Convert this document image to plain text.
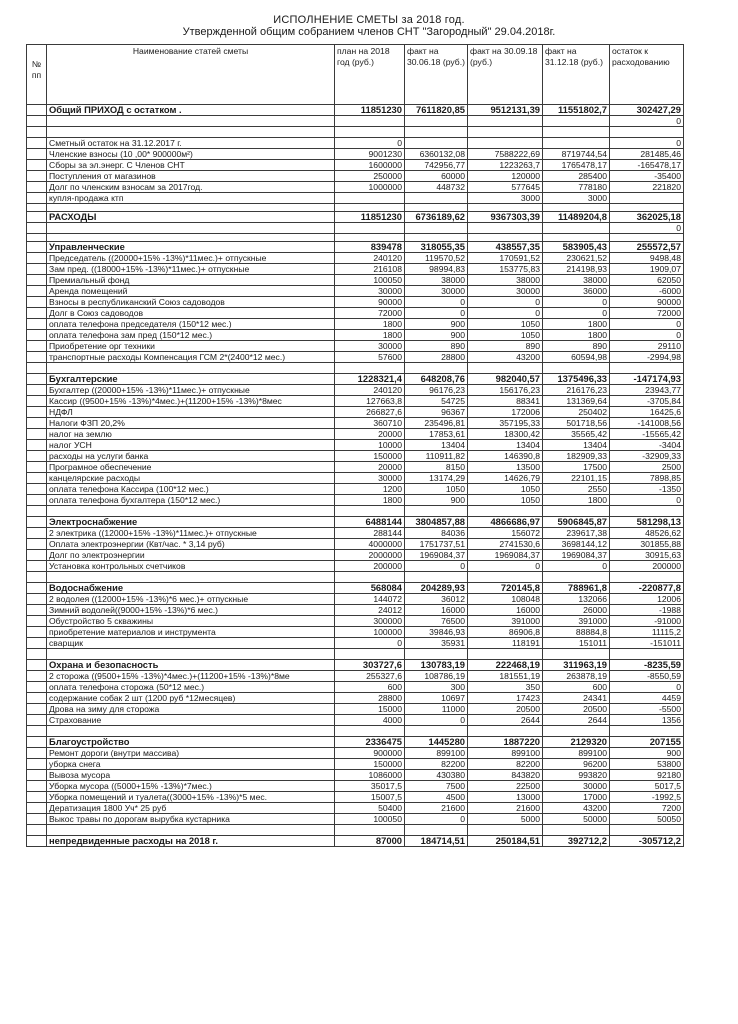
ИСПОЛНЕНИЕ СМЕТЫ за 2018 год.
Утвержденной общим собранием членов СНТ "Загородный" 29.04.2018г.
№ пп	Наименование статей сметы	план на 2018 год (руб.)	факт на 30.06.18 (руб.)	факт на 30.09.18 (руб.)	факт на 31.12.18 (руб.)	остаток к расходованию
	Общий ПРИХОД с остатком .	11851230	7611820,85	9512131,39	11551802,7	302427,29
						0

	Сметный остаток на 31.12.2017 г.	0				0
	Членские взносы (10 ,00* 900000м²)	9001230	6360132,08	7588222,69	8719744,54	281485,46
	Сборы за эл.энерг. С Членов СНТ	1600000	742956,77	1223263,7	1765478,17	-165478,17
	Поступления от магазинов	250000	60000	120000	285400	-35400
	Долг по членским взносам за 2017год.	1000000	448732	577645	778180	221820
	купля-продажа ктп			3000	3000	

	РАСХОДЫ	11851230	6736189,62	9367303,39	11489204,8	362025,18
						0

	Управленческие	839478	318055,35	438557,35	583905,43	255572,57
	Председатель ((20000+15% -13%)*11мес.)+ отпускные	240120	119570,52	170591,52	230621,52	9498,48
	Зам пред. ((18000+15% -13%)*11мес.)+ отпускные	216108	98994,83	153775,83	214198,93	1909,07
	Премиальный фонд	100050	38000	38000	38000	62050
	Аренда помещений	30000	30000	30000	36000	-6000
	Взносы в республиканский Союз садоводов	90000	0	0	0	90000
	Долг в Союз садоводов	72000	0	0	0	72000
	оплата телефона председателя (150*12 мес.)	1800	900	1050	1800	0
	оплата телефона зам пред (150*12 мес.)	1800	900	1050	1800	0
	Приобретение орг техники	30000	890	890	890	29110
	транспортные расходы Компенсация ГСМ 2*(2400*12 мес.)	57600	28800	43200	60594,98	-2994,98

	Бухгалтерские	1228321,4	648208,76	982040,57	1375496,33	-147174,93
	Бухгалтер ((20000+15% -13%)*11мес.)+ отпускные	240120	96176,23	156176,23	216176,23	23943,77
	Кассир ((9500+15% -13%)*4мес.)+(11200+15% -13%)*8мес	127663,8	54725	88341	131369,64	-3705,84
	НДФЛ	266827,6	96367	172006	250402	16425,6
	Налоги ФЗП 20,2%	360710	235496,81	357195,33	501718,56	-141008,56
	налог на землю	20000	17853,61	18300,42	35565,42	-15565,42
	налог УСН	10000	13404	13404	13404	-3404
	расходы на услуги банка	150000	110911,82	146390,8	182909,33	-32909,33
	Програмное обеспечение	20000	8150	13500	17500	2500
	канцелярские расходы	30000	13174,29	14626,79	22101,15	7898,85
	оплата телефона Кассира (100*12 мес.)	1200	1050	1050	2550	-1350
	оплата телефона бухгалтера (150*12 мес.)	1800	900	1050	1800	0

	Электроснабжение	6488144	3804857,88	4866686,97	5906845,87	581298,13
	2 электрика ((12000+15% -13%)*11мес.)+ отпускные	288144	84036	156072	239617,38	48526,62
	Оплата электроэнергии (Квт/час. * 3,14 руб)	4000000	1751737,51	2741530,6	3698144,12	301855,88
	Долг по электроэнергии	2000000	1969084,37	1969084,37	1969084,37	30915,63
	Установка контрольных счетчиков	200000	0	0	0	200000

	Водоснабжение	568084	204289,93	720145,8	788961,8	-220877,8
	2 водолея ((12000+15% -13%)*6 мес.)+ отпускные	144072	36012	108048	132066	12006
	Зимний водолей((9000+15% -13%)*6 мес.)	24012	16000	16000	26000	-1988
	Обустройство 5 скважины	300000	76500	391000	391000	-91000
	приобретение материалов и инструмента	100000	39846,93	86906,8	88884,8	11115,2
	сварщик	0	35931	118191	151011	-151011

	Охрана и безопасность	303727,6	130783,19	222468,19	311963,19	-8235,59
	2 сторожа ((9500+15% -13%)*4мес.)+(11200+15% -13%)*8ме	255327,6	108786,19	181551,19	263878,19	-8550,59
	оплата телефона сторожа (50*12 мес.)	600	300	350	600	0
	содержание собак 2 шт (1200 руб *12месяцев)	28800	10697	17423	24341	4459
	Дрова на зиму для сторожа	15000	11000	20500	20500	-5500
	Страхование	4000	0	2644	2644	1356

	Благоустройство	2336475	1445280	1887220	2129320	207155
	Ремонт дороги (внутри массива)	900000	899100	899100	899100	900
	уборка снега	150000	82200	82200	96200	53800
	Вывоза мусора	1086000	430380	843820	993820	92180
	Уборка мусора ((5000+15% -13%)*7мес.)	35017,5	7500	22500	30000	5017,5
	Уборка помещений и туалета((3000+15% -13%)*5 мес.	15007,5	4500	13000	17000	-1992,5
	Дератизация 1800 Уч* 25 руб	50400	21600	21600	43200	7200
	Выкос травы по дорогам вырубка кустарника	100050	0	5000	50000	50050

	непредвиденные расходы на 2018 г.	87000	184714,51	250184,51	392712,2	-305712,2
